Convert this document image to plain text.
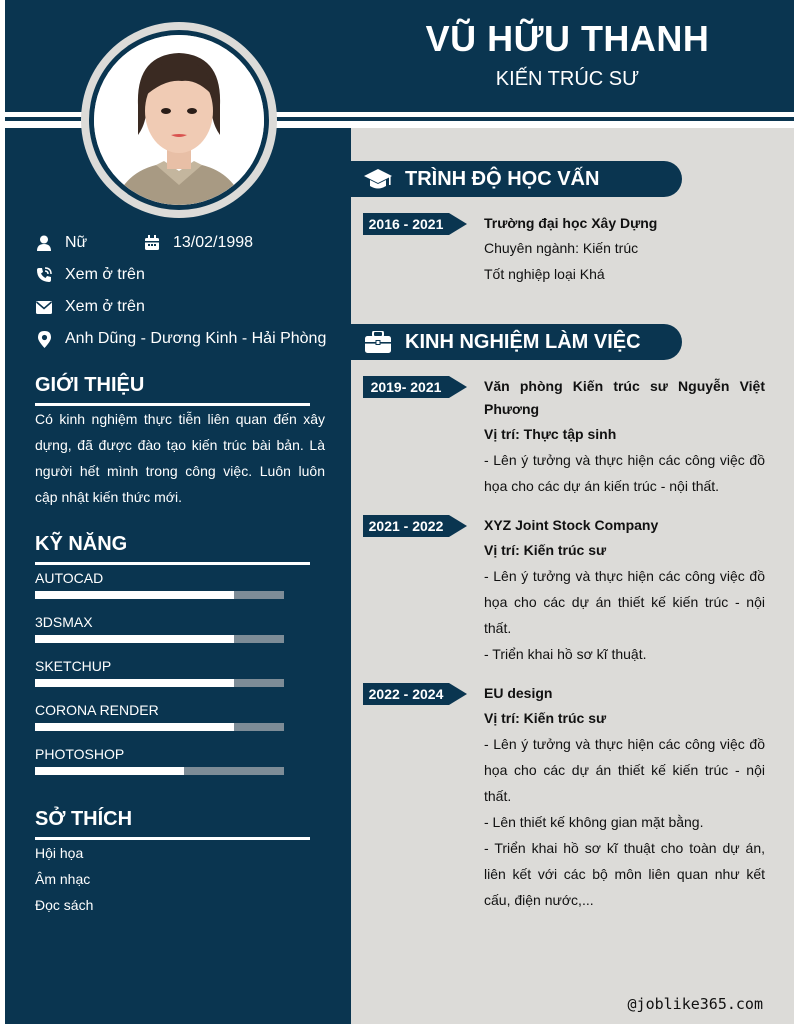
VŨ HỮU THANH
KIẾN TRÚC SƯ
Nữ	13/02/1998
Xem ở trên
Xem ở trên
Anh Dũng - Dương Kinh - Hải Phòng
GIỚI THIỆU
Có kinh nghiệm thực tiễn liên quan đến xây dựng, đã được đào tạo kiến trúc bài bản. Là người hết mình trong công việc. Luôn luôn cập nhật kiến thức mới.
KỸ NĂNG
AUTOCAD
3DSMAX
SKETCHUP
CORONA RENDER
PHOTOSHOP
SỞ THÍCH
Hội họa
Âm nhạc
Đọc sách
TRÌNH ĐỘ HỌC VẤN
2016 - 2021	Trường đại học Xây Dựng

Chuyên ngành: Kiến trúc

Tốt nghiệp loại Khá

KINH NGHIỆM LÀM VIỆC
2019- 2021	Văn phòng Kiến trúc sư Nguyễn Việt Phương

Vị trí: Thực tập sinh

- Lên ý tưởng và thực hiện các công việc đồ họa cho các dự án kiến trúc - nội thất.

2021 - 2022	XYZ Joint Stock Company

Vị trí: Kiến trúc sư

- Lên ý tưởng và thực hiện các công việc đồ họa cho các dự án thiết kế kiến trúc - nội thất.

- Triển khai hồ sơ kĩ thuật.

2022 - 2024	EU design

Vị trí: Kiến trúc sư

- Lên ý tưởng và thực hiện các công việc đồ họa cho các dự án thiết kế kiến trúc - nội thất.

- Lên thiết kế không gian mặt bằng.

- Triển khai hồ sơ kĩ thuật cho toàn dự án, liên kết với các bộ môn liên quan như kết cấu, điện nước,...

@joblike365.com
